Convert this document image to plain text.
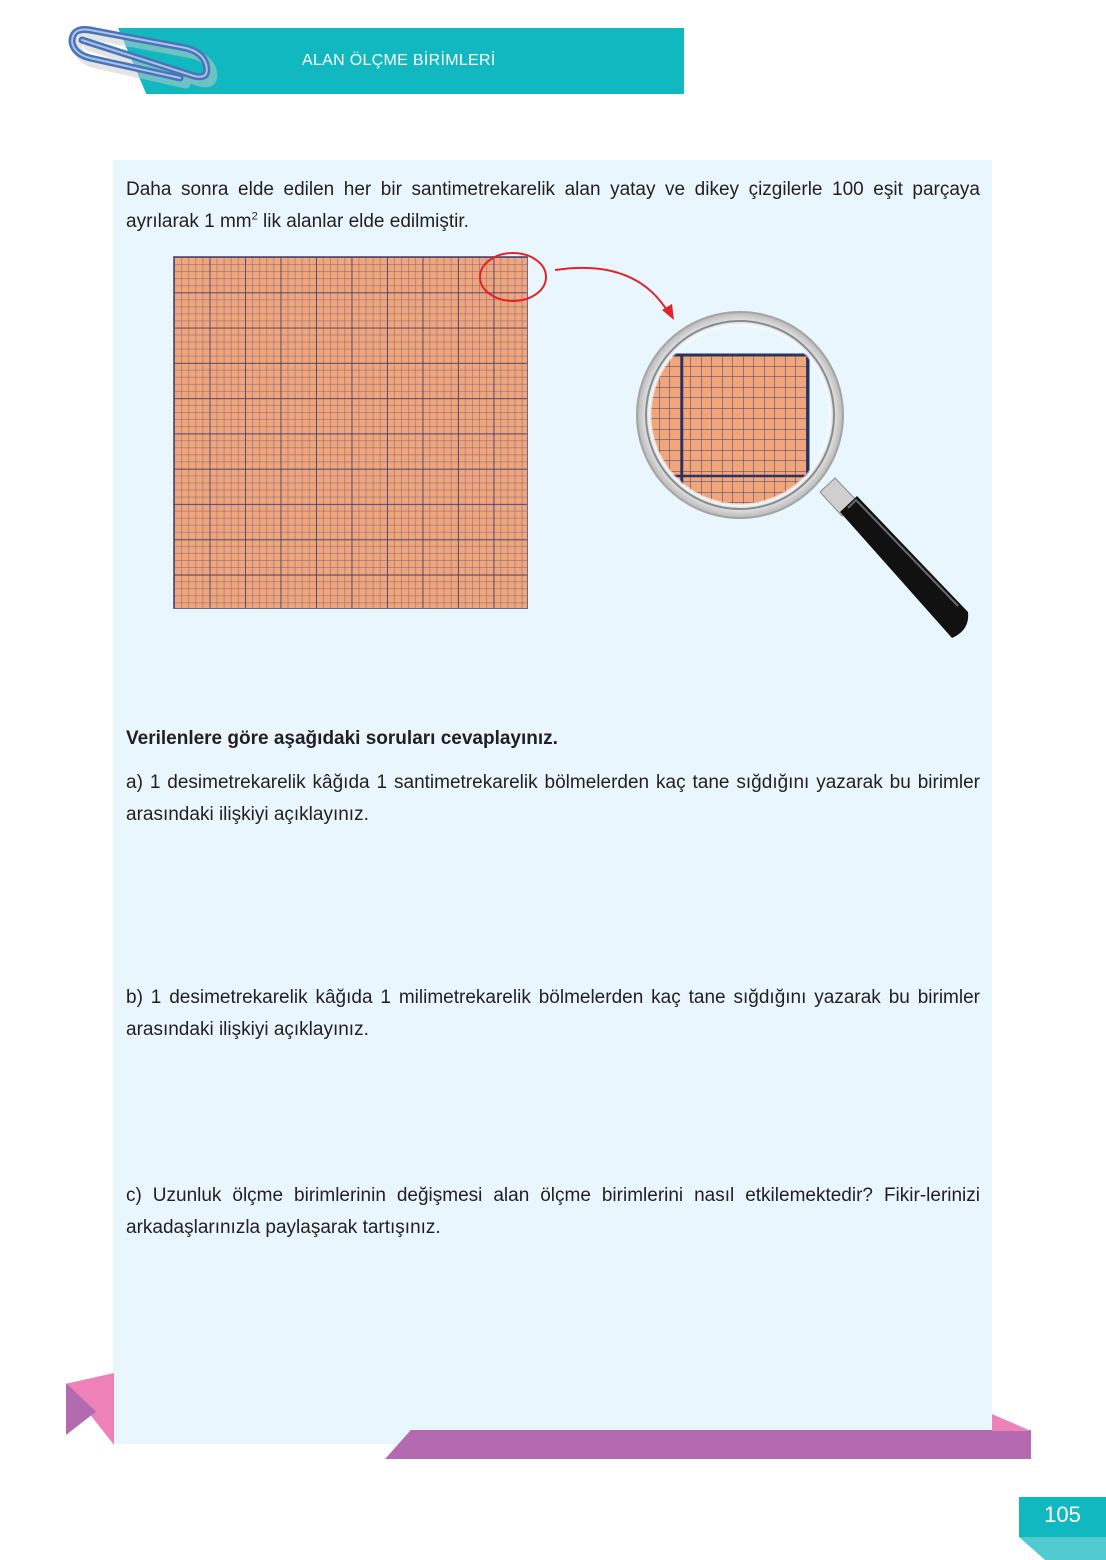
ALAN ÖLÇME BİRİMLERİ

Daha sonra elde edilen her bir santimetrekarelik alan yatay ve dikey çizgilerle 100 eşit parçaya ayrılarak 1 $mm^2$ lik alanlar elde edilmiştir.

Verilenlere göre aşağıdaki soruları cevaplayınız.

a) 1 desimetrekarelik kâğıda 1 santimetrekarelik bölmelerden kaç tane sığdığını yazarak bu birimler arasındaki ilişkiyi açıklayınız.

b) 1 desimetrekarelik kâğıda 1 milimetrekarelik bölmelerden kaç tane sığdığını yazarak bu birimler arasındaki ilişkiyi açıklayınız.

c) Uzunluk ölçme birimlerinin değişmesi alan ölçme birimlerini nasıl etkilemektedir? Fikir-lerinizi arkadaşlarınızla paylaşarak tartışınız.

105
